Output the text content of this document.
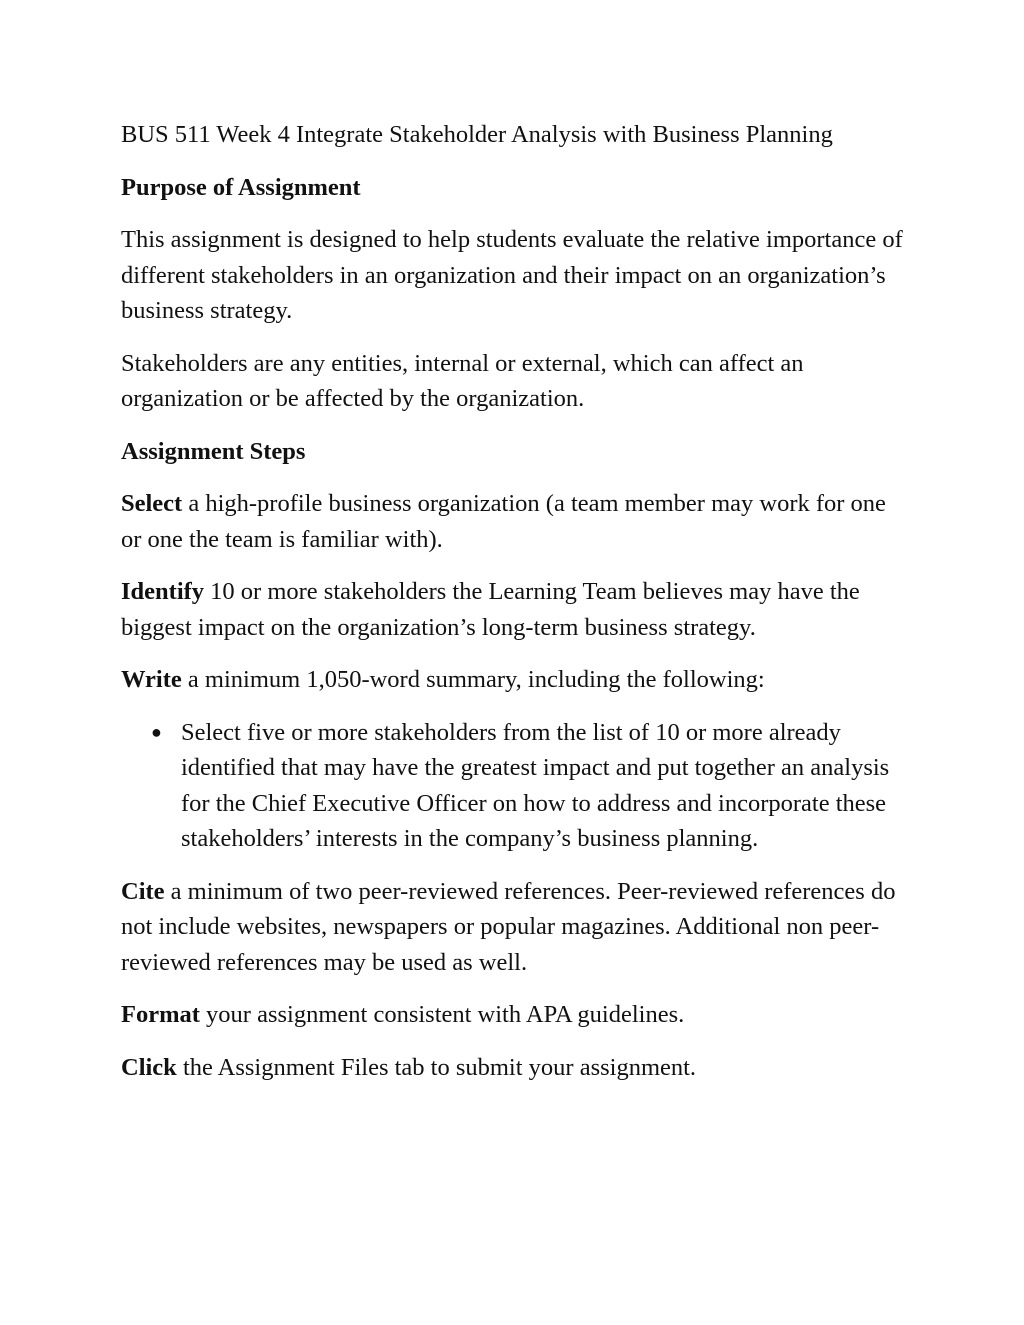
BUS 511 Week 4 Integrate Stakeholder Analysis with Business Planning

Purpose of Assignment

This assignment is designed to help students evaluate the relative importance of different stakeholders in an organization and their impact on an organization’s business strategy.

Stakeholders are any entities, internal or external, which can affect an organization or be affected by the organization.

Assignment Steps

Select a high-profile business organization (a team member may work for one or one the team is familiar with).

Identify 10 or more stakeholders the Learning Team believes may have the biggest impact on the organization’s long-term business strategy.

Write a minimum 1,050-word summary, including the following:

● Select five or more stakeholders from the list of 10 or more already identified that may have the greatest impact and put together an analysis for the Chief Executive Officer on how to address and incorporate these stakeholders’ interests in the company’s business planning.

Cite a minimum of two peer-reviewed references. Peer-reviewed references do not include websites, newspapers or popular magazines. Additional non peer-reviewed references may be used as well.

Format your assignment consistent with APA guidelines.

Click the Assignment Files tab to submit your assignment.
